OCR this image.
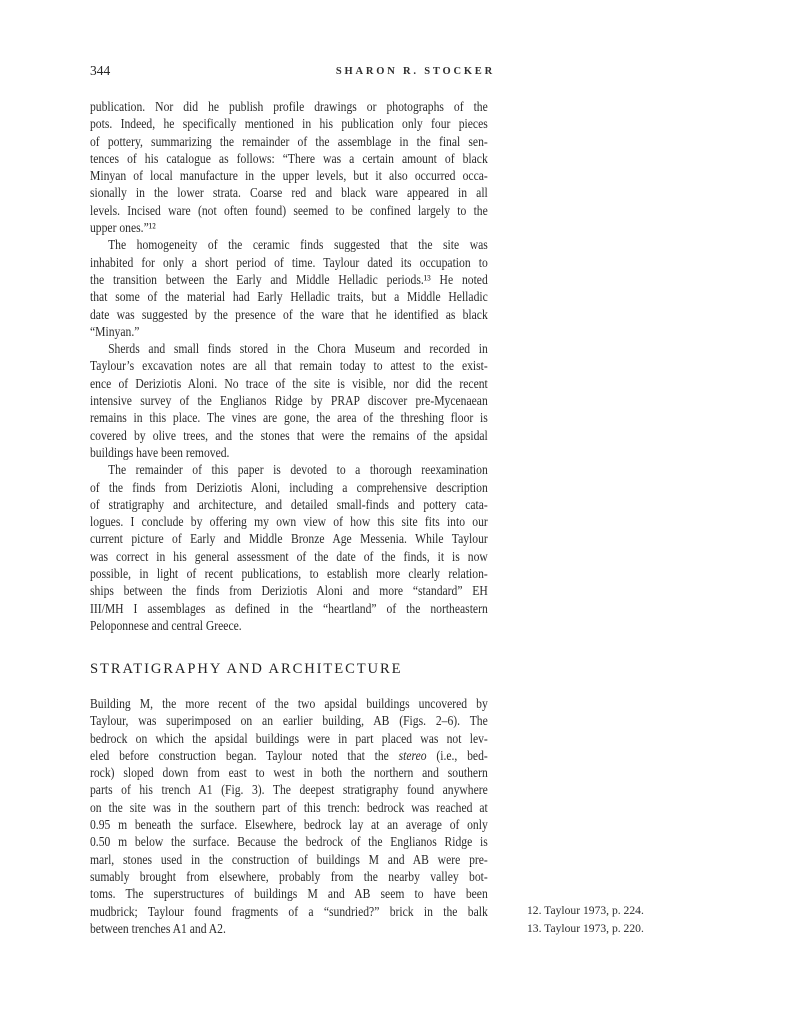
344	SHARON R. STOCKER
publication. Nor did he publish profile drawings or photographs of the
pots. Indeed, he specifically mentioned in his publication only four pieces
of pottery, summarizing the remainder of the assemblage in the final sen-
tences of his catalogue as follows: “There was a certain amount of black
Minyan of local manufacture in the upper levels, but it also occurred occa-
sionally in the lower strata. Coarse red and black ware appeared in all
levels. Incised ware (not often found) seemed to be confined largely to the
upper ones.”¹²
The homogeneity of the ceramic finds suggested that the site was
inhabited for only a short period of time. Taylour dated its occupation to
the transition between the Early and Middle Helladic periods.¹³ He noted
that some of the material had Early Helladic traits, but a Middle Helladic
date was suggested by the presence of the ware that he identified as black
“Minyan.”
Sherds and small finds stored in the Chora Museum and recorded in
Taylour’s excavation notes are all that remain today to attest to the exist-
ence of Deriziotis Aloni. No trace of the site is visible, nor did the recent
intensive survey of the Englianos Ridge by PRAP discover pre-Mycenaean
remains in this place. The vines are gone, the area of the threshing floor is
covered by olive trees, and the stones that were the remains of the apsidal
buildings have been removed.
The remainder of this paper is devoted to a thorough reexamination
of the finds from Deriziotis Aloni, including a comprehensive description
of stratigraphy and architecture, and detailed small-finds and pottery cata-
logues. I conclude by offering my own view of how this site fits into our
current picture of Early and Middle Bronze Age Messenia. While Taylour
was correct in his general assessment of the date of the finds, it is now
possible, in light of recent publications, to establish more clearly relation-
ships between the finds from Deriziotis Aloni and more “standard” EH
III/MH I assemblages as defined in the “heartland” of the northeastern
Peloponnese and central Greece.
STRATIGRAPHY AND ARCHITECTURE
Building M, the more recent of the two apsidal buildings uncovered by
Taylour, was superimposed on an earlier building, AB (Figs. 2–6). The
bedrock on which the apsidal buildings were in part placed was not lev-
eled before construction began. Taylour noted that the stereo (i.e., bed-
rock) sloped down from east to west in both the northern and southern
parts of his trench A1 (Fig. 3). The deepest stratigraphy found anywhere
on the site was in the southern part of this trench: bedrock was reached at
0.95 m beneath the surface. Elsewhere, bedrock lay at an average of only
0.50 m below the surface. Because the bedrock of the Englianos Ridge is
marl, stones used in the construction of buildings M and AB were pre-
sumably brought from elsewhere, probably from the nearby valley bot-
toms. The superstructures of buildings M and AB seem to have been
mudbrick; Taylour found fragments of a “sundried?” brick in the balk
between trenches A1 and A2.
12. Taylour 1973, p. 224.
13. Taylour 1973, p. 220.
